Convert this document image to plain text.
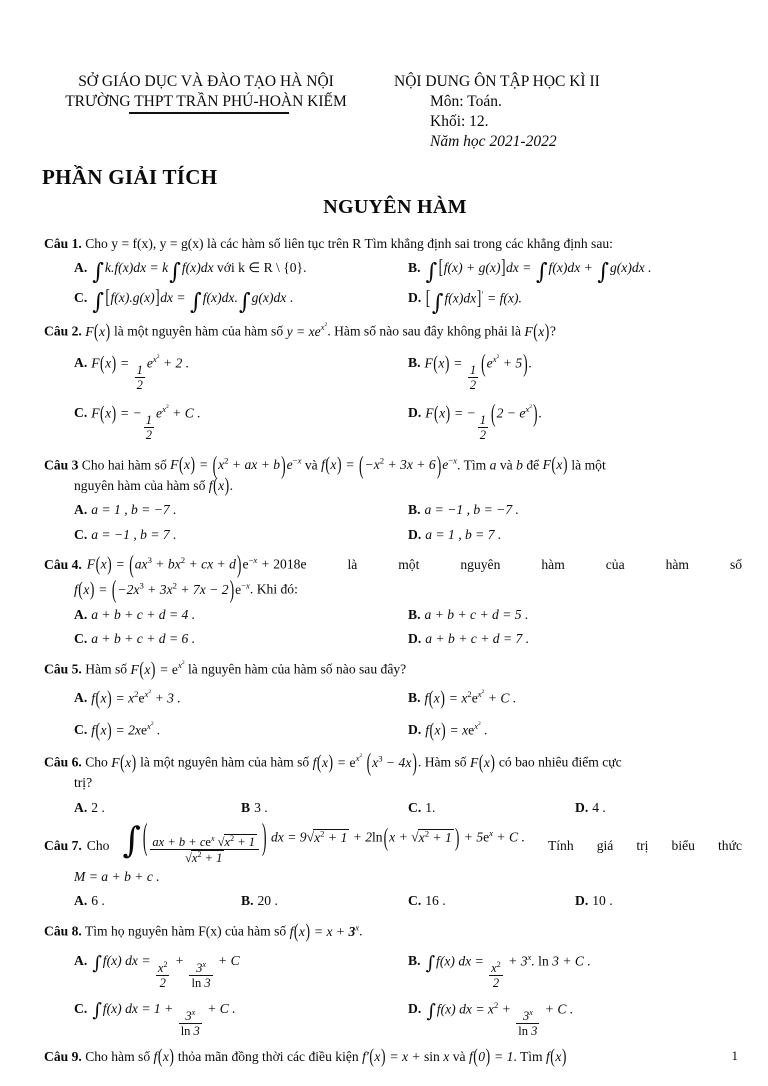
SỞ GIÁO DỤC VÀ ĐÀO TẠO HÀ NỘI
TRƯỜNG THPT TRẦN PHÚ-HOÀN KIẾM
NỘI DUNG ÔN TẬP HỌC KÌ II
Môn: Toán.
Khối: 12.
Năm học 2021-2022
PHẦN GIẢI TÍCH
NGUYÊN HÀM
Câu 1. Cho y = f(x), y = g(x) là các hàm số liên tục trên R Tìm khẳng định sai trong các khẳng định sau:
A. ∫k.f(x)dx = k∫f(x)dx với k ∈ R \ {0}.	B. ∫ [f(x) + g(x)]dx = ∫f(x)dx + ∫g(x)dx .
C. ∫ [f(x).g(x)]dx = ∫f(x)dx.∫g(x)dx .	D. [∫f(x)dx]′ = f(x).
Câu 2. F(x) là một nguyên hàm của hàm số $y = xe^{x^2}$. Hàm số nào sau đây không phải là F(x)?
A. F(x) =
$\frac{1}{2}$
$e^{x^2} + 2$ .	B. F(x) =
$\frac{1}{2}$
$(e^{x^2} + 5)$.
C. F(x) = −
$\frac{1}{2}$
$e^{x^2} + C$ .	D. F(x) = −
$\frac{1}{2}$
$(2 - e^{x^2})$.
Câu 3 Cho hai hàm số $F(x) = (x^2$ + ax + $b)e^{-x}$ và $f(x) = (-x^2 + 3x + 6)e^{-x}$. Tìm a và b để F(x) là một
nguyên hàm của hàm số f(x).
A. a = 1 , b = −7 .	B. a = −1 , b = −7 .
C. a = −1 , b = 7 .	D. a = 1 , b = 7 .
Câu 4. $F(x) = (ax^3 + bx^2$ + cx + $d)e^{-x} + 2018e$	là	một	nguyên	hàm	của	hàm	số
$f(x) = (-2x^3 + 3x^2 + 7x - 2)e^{-x}$. Khi đó:
A. a + b + c + d = 4 .	B. a + b + c + d = 5 .
C. a + b + c + d = 6 .	D. a + b + c + d = 7 .
Câu 5. Hàm số $F(x) = e^{x^2}$ là nguyên hàm của hàm số nào sau đây?
A. $f(x) = x^2e^{x^2} + 3$ .	B. $f(x) = x^2e^{x^2} + C$ .
C. $f(x) = 2xe^{x^2}$ .	D. $f(x) = xe^{x^2}$ .
Câu 6. Cho F(x) là một nguyên hàm của hàm số $f(x) = e^{x^2}$ $(x^3 - 4x)$. Hàm số F(x) có bao nhiêu điểm cực
trị?
A. 2 .	B 3 .	C. 1.	D. 4 .
Câu 7. Cho ∫ ( $\frac{ax + b + ce^x √x^2 + 1}{√x^2 + 1}$ ) dx = $9√x^2 + 1 + 2\ln(x + √x^2 + 1$ ) + $5e^x + C$ .
Tính giá trị biểu thức
M = a + b + c .
A. 6 .	B. 20 .	C. 16 .	D. 10 .
Câu 8. Tìm họ nguyên hàm F(x) của hàm số $f(x) = x + 3^x$.
A. ∫f(x) dx = $\frac{x^2}{2} + \frac{3^x}{\ln 3} + C$	B. ∫f(x) dx = $\frac{x^2}{2} + 3^x$. ln 3 + C .
C. ∫f(x) dx = $1 + \frac{3^x}{\ln 3} + C$ .	D. ∫f(x) dx = $x^2 + \frac{3^x}{\ln 3} + C$ .
Câu 9. Cho hàm số f(x) thỏa mãn đồng thời các điều kiện f′(x) = x + sin x và f(0) = 1. Tìm f(x)	1
